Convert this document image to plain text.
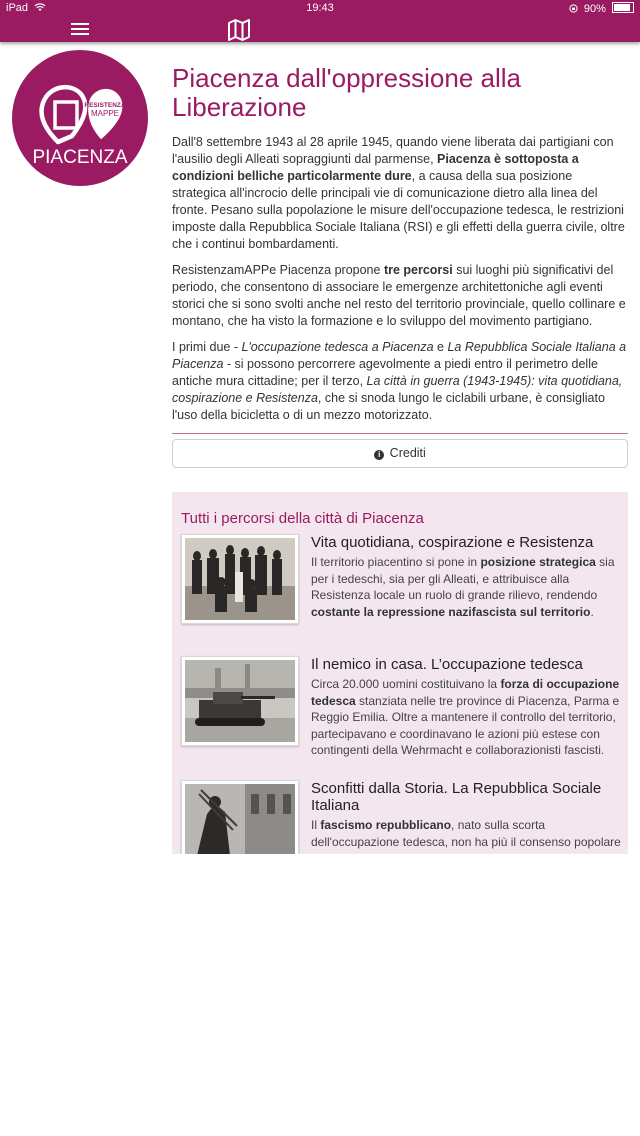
iPad	19:43	90%
RESISTENZA
MAPPE
PIACENZA
Piacenza dall'oppressione alla Liberazione

Dall'8 settembre 1943 al 28 aprile 1945, quando viene liberata dai partigiani con l'ausilio degli Alleati sopraggiunti dal parmense, Piacenza è sottoposta a condizioni belliche particolarmente dure, a causa della sua posizione strategica all'incrocio delle principali vie di comunicazione dietro alla linea del fronte. Pesano sulla popolazione le misure dell'occupazione tedesca, le restrizioni imposte dalla Repubblica Sociale Italiana (RSI) e gli effetti della guerra civile, oltre che i continui bombardamenti.

ResistenzamAPPe Piacenza propone tre percorsi sui luoghi più significativi del periodo, che consentono di associare le emergenze architettoniche agli eventi storici che si sono svolti anche nel resto del territorio provinciale, quello collinare e montano, che ha visto la formazione e lo sviluppo del movimento partigiano.

I primi due - L'occupazione tedesca a Piacenza e La Repubblica Sociale Italiana a Piacenza - si possono percorrere agevolmente a piedi entro il perimetro delle antiche mura cittadine; per il terzo, La città in guerra (1943-1945): vita quotidiana, cospirazione e Resistenza, che si snoda lungo le ciclabili urbane, è consigliato l'uso della bicicletta o di un mezzo motorizzato.

i Crediti
Tutti i percorsi della città di Piacenza
Vita quotidiana, cospirazione e Resistenza
Il territorio piacentino si pone in posizione strategica sia per i tedeschi, sia per gli Alleati, e attribuisce alla Resistenza locale un ruolo di grande rilievo, rendendo costante la repressione nazifascista sul territorio.
Il nemico in casa. L’occupazione tedesca
Circa 20.000 uomini costituivano la forza di occupazione tedesca stanziata nelle tre province di Piacenza, Parma e Reggio Emilia. Oltre a mantenere il controllo del territorio, partecipavano e coordinavano le azioni più estese con contingenti della Wehrmacht e collaborazionisti fascisti.
Sconfitti dalla Storia. La Repubblica Sociale Italiana
Il fascismo repubblicano, nato sulla scorta dell'occupazione tedesca, non ha più il consenso popolare
